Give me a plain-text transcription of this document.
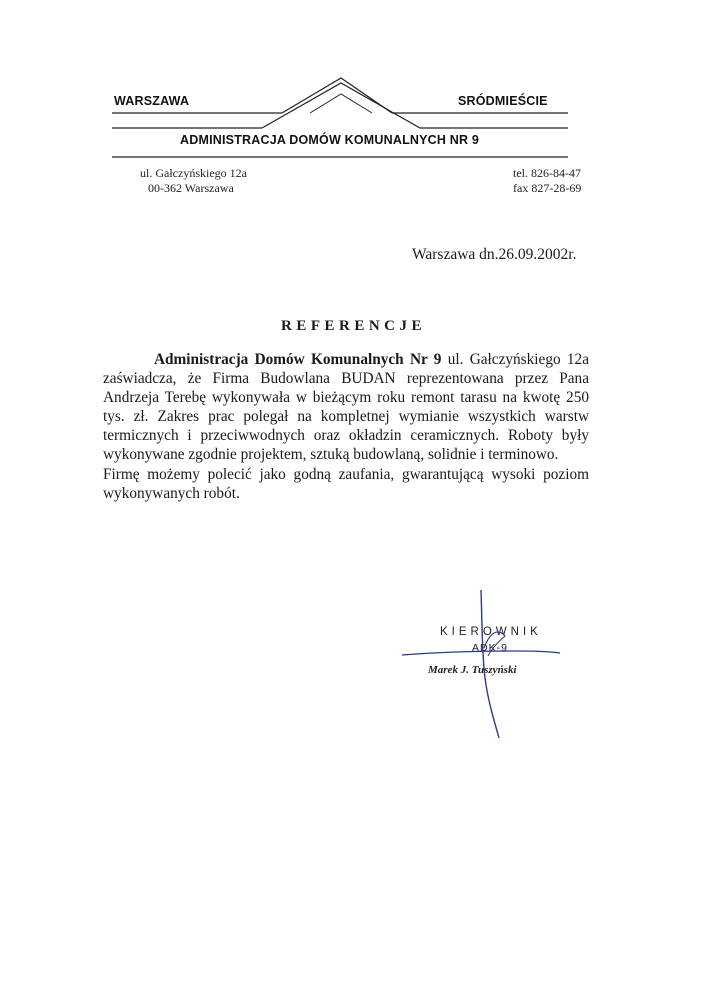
WARSZAWA	SRÓDMIEŚCIE
ADMINISTRACJA DOMÓW KOMUNALNYCH NR 9
ul. Gałczyńskiego 12a
00-362 Warszawa
tel. 826-84-47
fax 827-28-69
Warszawa dn.26.09.2002r.
REFERENCJE

Administracja Domów Komunalnych Nr 9 ul. Gałczyńskiego 12a zaświadcza, że Firma Budowlana BUDAN reprezentowana przez Pana Andrzeja Terebę wykonywała w bieżącym roku remont tarasu na kwotę 250 tys. zł. Zakres prac polegał na kompletnej wymianie wszystkich warstw termicznych i przeciwwodnych oraz okładzin ceramicznych. Roboty były wykonywane zgodnie projektem, sztuką budowlaną, solidnie i terminowo.

Firmę możemy polecić jako godną zaufania, gwarantującą wysoki poziom wykonywanych robót.

KIEROWNIK
ADK-9
Marek J. Tuszyński
